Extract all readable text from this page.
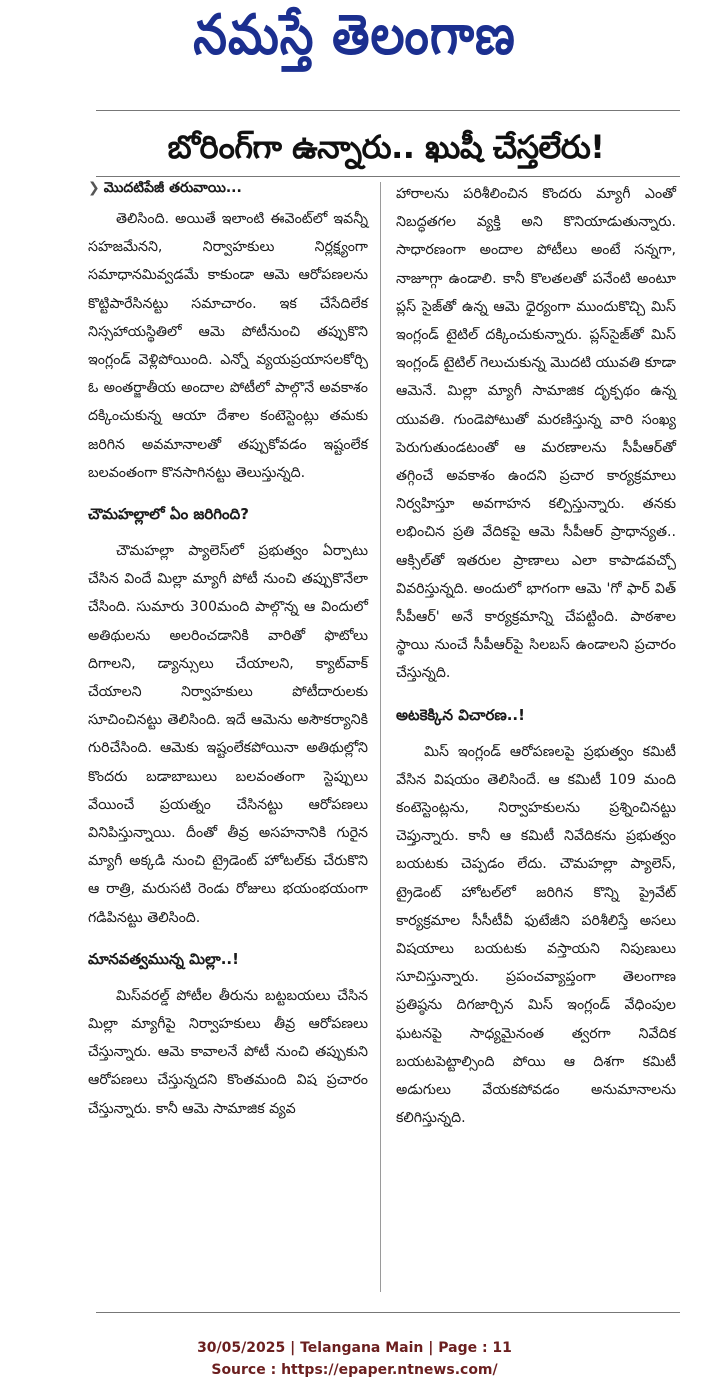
నమస్తే తెలంగాణ
బోరింగ్‌గా ఉన్నారు.. ఖుషీ చేస్తలేరు!
❯ మొదటిపేజీ తరువాయి...

తెలిసింది. అయితే ఇలాంటి ఈవెంట్‌లో ఇవన్నీ సహజమేనని, నిర్వాహకులు నిర్లక్ష్యంగా సమాధానమివ్వడమే కాకుండా ఆమె ఆరోపణలను కొట్టిపారేసినట్టు సమాచారం. ఇక చేసేదిలేక నిస్సహాయస్థితిలో ఆమె పోటీనుంచి తప్పుకొని ఇంగ్లండ్ వెళ్లిపోయింది. ఎన్నో వ్యయప్రయాసలకోర్చి ఓ అంతర్జాతీయ అందాల పోటీలో పాల్గొనే అవకాశం దక్కించుకున్న ఆయా దేశాల కంటెస్టెంట్లు తమకు జరిగిన అవమానాలతో తప్పుకోవడం ఇష్టంలేక బలవంతంగా కొనసాగినట్టు తెలుస్తున్నది.

చౌమహల్లాలో ఏం జరిగింది?

చౌమహల్లా ప్యాలెస్‌లో ప్రభుత్వం ఏర్పాటు చేసిన విందే మిల్లా మ్యాగీ పోటీ నుంచి తప్పుకొనేలా చేసింది. సుమారు 300మంది పాల్గొన్న ఆ విందులో అతిథులను అలరించడానికి వారితో ఫొటోలు దిగాలని, డ్యాన్సులు చేయాలని, క్యాట్‌వాక్ చేయాలని నిర్వాహకులు పోటీదారులకు సూచించినట్టు తెలిసింది. ఇదే ఆమెను అసౌకర్యానికి గురిచేసింది. ఆమెకు ఇష్టంలేకపోయినా అతిథుల్లోని కొందరు బడాబాబులు బలవంతంగా స్టెప్పులు వేయించే ప్రయత్నం చేసినట్టు ఆరోపణలు వినిపిస్తున్నాయి. దీంతో తీవ్ర అసహనానికి గురైన మ్యాగీ అక్కడి నుంచి ట్రైడెంట్ హోటల్‌కు చేరుకొని ఆ రాత్రి, మరుసటి రెండు రోజులు భయంభయంగా గడిపినట్టు తెలిసింది.

మానవత్వమున్న మిల్లా..!

మిస్‌వరల్డ్ పోటీల తీరును బట్టబయలు చేసిన మిల్లా మ్యాగీపై నిర్వాహకులు తీవ్ర ఆరోపణలు చేస్తున్నారు. ఆమె కావాలనే పోటీ నుంచి తప్పుకుని ఆరోపణలు చేస్తున్నదని కొంతమంది విష ప్రచారం చేస్తున్నారు. కానీ ఆమె సామాజిక వ్యవ

హారాలను పరిశీలించిన కొందరు మ్యాగీ ఎంతో నిబద్ధతగల వ్యక్తి అని కొనియాడుతున్నారు. సాధారణంగా అందాల పోటీలు అంటే సన్నగా, నాజూగ్గా ఉండాలి. కానీ కొలతలతో పనేంటి అంటూ ప్లస్ సైజ్‌తో ఉన్న ఆమె ధైర్యంగా ముందుకొచ్చి మిస్ ఇంగ్లండ్ టైటిల్ దక్కించుకున్నారు. ప్లస్‌సైజ్‌తో మిస్ ఇంగ్లండ్ టైటిల్ గెలుచుకున్న మొదటి యువతి కూడా ఆమెనే. మిల్లా మ్యాగీ సామాజిక దృక్పథం ఉన్న యువతి. గుండెపోటుతో మరణిస్తున్న వారి సంఖ్య పెరుగుతుండటంతో ఆ మరణాలను సీపీఆర్‌తో తగ్గించే అవకాశం ఉందని ప్రచార కార్యక్రమాలు నిర్వహిస్తూ అవగాహన కల్పిస్తున్నారు. తనకు లభించిన ప్రతి వేదికపై ఆమె సీపీఆర్ ప్రాధాన్యత.. ఆక్సిల్‌తో ఇతరుల ప్రాణాలు ఎలా కాపాడవచ్చో వివరిస్తున్నది. అందులో భాగంగా ఆమె 'గో ఫార్ విత్ సీపీఆర్' అనే కార్యక్రమాన్ని చేపట్టింది. పాఠశాల స్థాయి నుంచే సీపీఆర్‌పై సిలబస్ ఉండాలని ప్రచారం చేస్తున్నది.

అటకెక్కిన విచారణ..!

మిస్ ఇంగ్లండ్ ఆరోపణలపై ప్రభుత్వం కమిటీ వేసిన విషయం తెలిసిందే. ఆ కమిటీ 109 మంది కంటెస్టెంట్లను, నిర్వాహకులను ప్రశ్నించినట్టు చెప్తున్నారు. కానీ ఆ కమిటీ నివేదికను ప్రభుత్వం బయటకు చెప్పడం లేదు. చౌమహల్లా ప్యాలెస్, ట్రైడెంట్ హోటల్‌లో జరిగిన కొన్ని ప్రైవేట్ కార్యక్రమాల సీసీటీవీ ఫుటేజీని పరిశీలిస్తే అసలు విషయాలు బయటకు వస్తాయని నిపుణులు సూచిస్తున్నారు. ప్రపంచవ్యాప్తంగా తెలంగాణ ప్రతిష్ఠను దిగజార్చిన మిస్ ఇంగ్లండ్ వేధింపుల ఘటనపై సాధ్యమైనంత త్వరగా నివేదిక బయటపెట్టాల్సింది పోయి ఆ దిశగా కమిటీ అడుగులు వేయకపోవడం అనుమానాలను కలిగిస్తున్నది.

30/05/2025 | Telangana Main | Page : 11
Source : https://epaper.ntnews.com/
